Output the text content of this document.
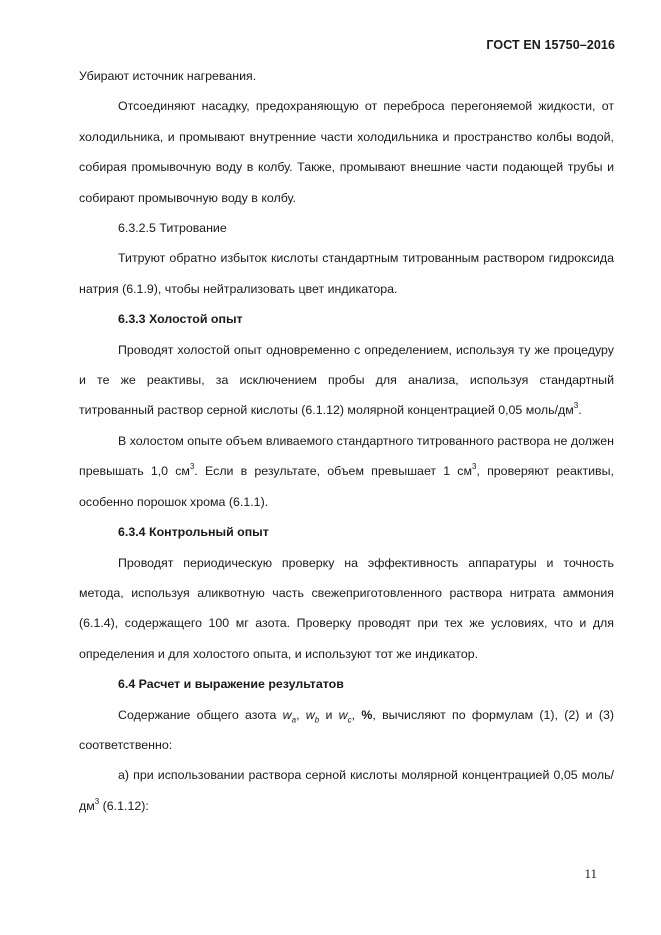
ГОСТ EN 15750–2016

Убирают источник нагревания.

Отсоединяют насадку, предохраняющую от переброса перегоняемой жидкости, от холодильника, и промывают внутренние части холодильника и пространство колбы водой, собирая промывочную воду в колбу. Также, промывают внешние части подающей трубы и собирают промывочную воду в колбу.

6.3.2.5 Титрование

Титруют обратно избыток кислоты стандартным титрованным раствором гидроксида натрия (6.1.9), чтобы нейтрализовать цвет индикатора.

6.3.3 Холостой опыт

Проводят холостой опыт одновременно с определением, используя ту же процедуру и те же реактивы, за исключением пробы для анализа, используя стандартный титрованный раствор серной кислоты (6.1.12) молярной концентрацией 0,05 моль/$дм^3$.

В холостом опыте объем вливаемого стандартного титрованного раствора не должен превышать 1,0 $см^3$. Если в результате, объем превышает 1 $см^3$, проверяют реактивы, особенно порошок хрома (6.1.1).

6.3.4 Контрольный опыт

Проводят периодическую проверку на эффективность аппаратуры и точность метода, используя аликвотную часть свежеприготовленного раствора нитрата аммония (6.1.4), содержащего 100 мг азота. Проверку проводят при тех же условиях, что и для определения и для холостого опыта, и используют тот же индикатор.

6.4 Расчет и выражение результатов

Содержание общего азота $w_a$, $w_b$ и $w_c$, %, вычисляют по формулам (1), (2) и (3) соответственно:

а) при использовании раствора серной кислоты молярной концентрацией 0,05 моль/$дм^3$ (6.1.12):

11
